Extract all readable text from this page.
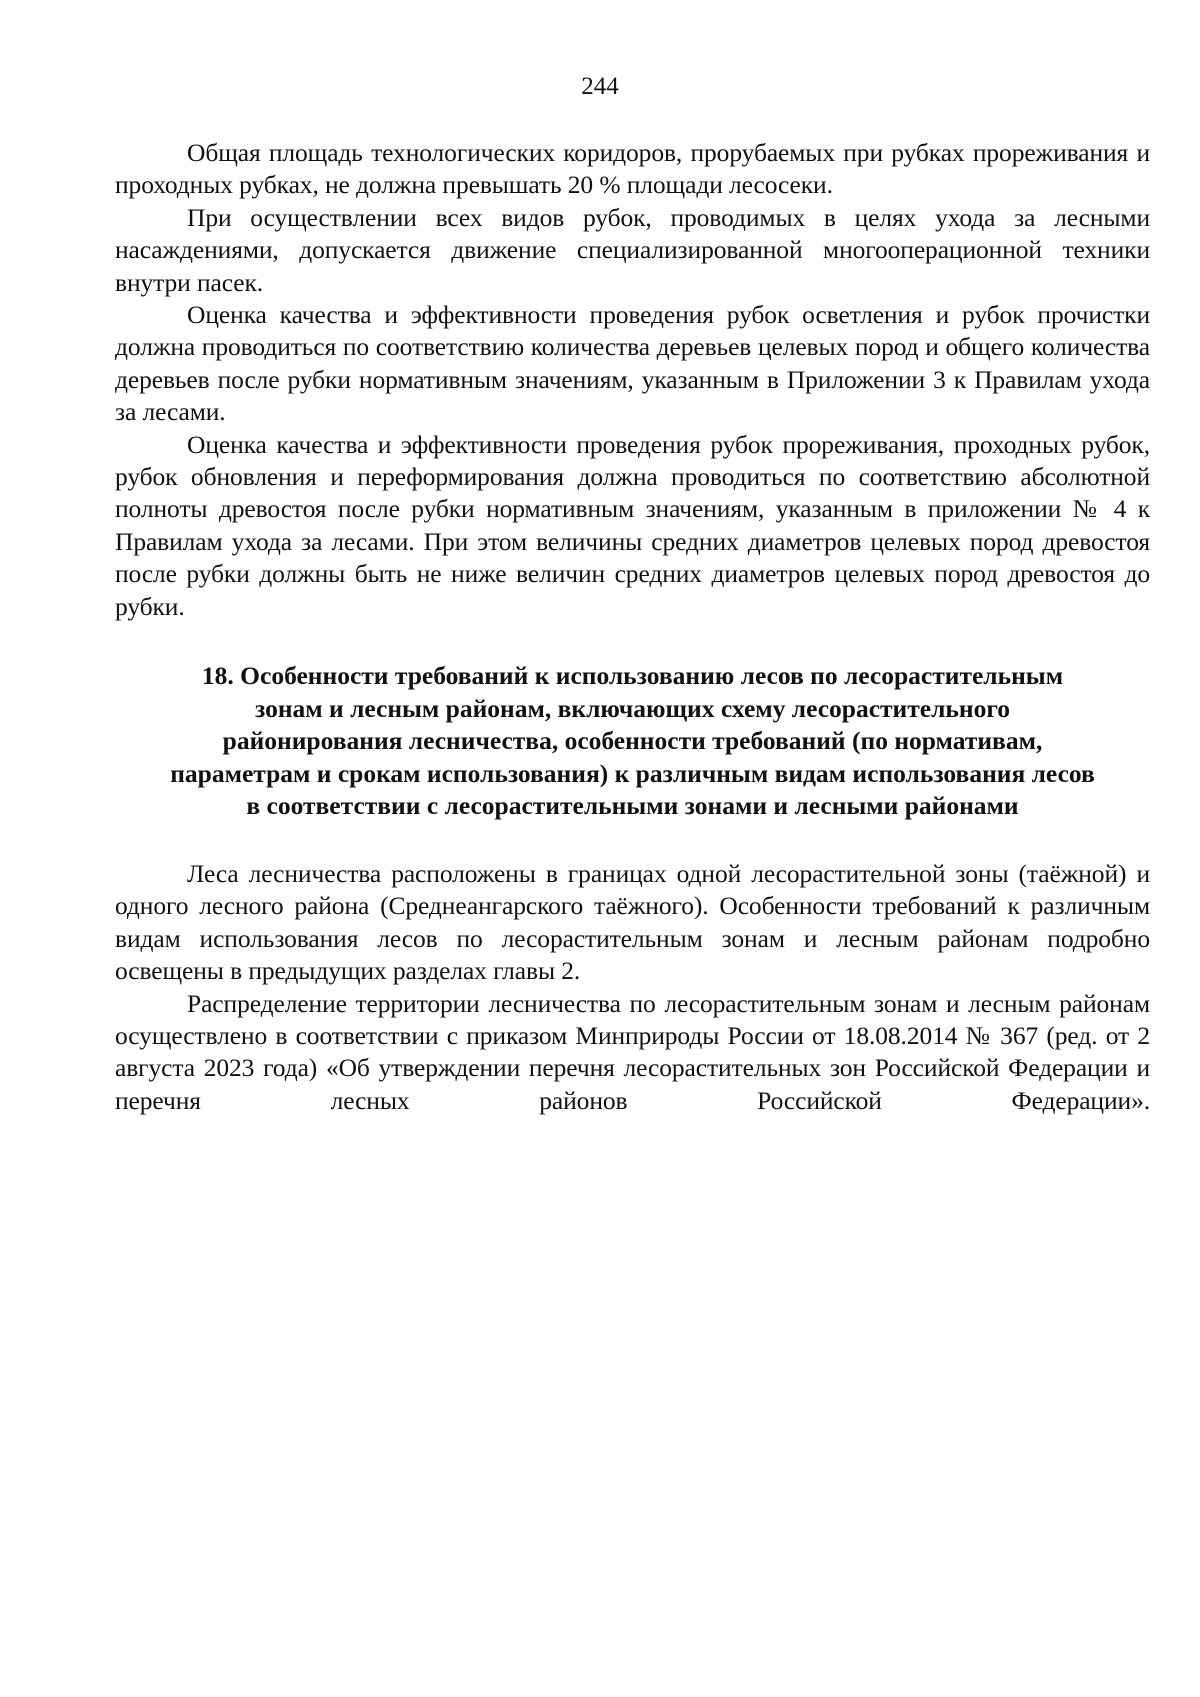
244

Общая площадь технологических коридоров, прорубаемых при рубках прореживания и проходных рубках, не должна превышать 20 % площади лесосеки.

При осуществлении всех видов рубок, проводимых в целях ухода за лесными насаждениями, допускается движение специализированной многооперационной техники внутри пасек.

Оценка качества и эффективности проведения рубок осветления и рубок прочистки должна проводиться по соответствию количества деревьев целевых пород и общего количества деревьев после рубки нормативным значениям, указанным в Приложении 3 к Правилам ухода за лесами.

Оценка качества и эффективности проведения рубок прореживания, проходных рубок, рубок обновления и переформирования должна проводиться по соответствию абсолютной полноты древостоя после рубки нормативным значениям, указанным в приложении № 4 к Правилам ухода за лесами. При этом величины средних диаметров целевых пород древостоя после рубки должны быть не ниже величин средних диаметров целевых пород древостоя до рубки.

18. Особенности требований к использованию лесов по лесорастительным
зонам и лесным районам, включающих схему лесорастительного
районирования лесничества, особенности требований (по нормативам,
параметрам и срокам использования) к различным видам использования лесов
в соответствии с лесорастительными зонами и лесными районами

Леса лесничества расположены в границах одной лесорастительной зоны (таёжной) и одного лесного района (Среднеангарского таёжного). Особенности требований к различным видам использования лесов по лесорастительным зонам и лесным районам подробно освещены в предыдущих разделах главы 2.

Распределение территории лесничества по лесорастительным зонам и лесным районам осуществлено в соответствии с приказом Минприроды России от 18.08.2014 № 367 (ред. от 2 августа 2023 года) «Об утверждении перечня лесорастительных зон Российской Федерации и перечня лесных районов Российской Федерации».
